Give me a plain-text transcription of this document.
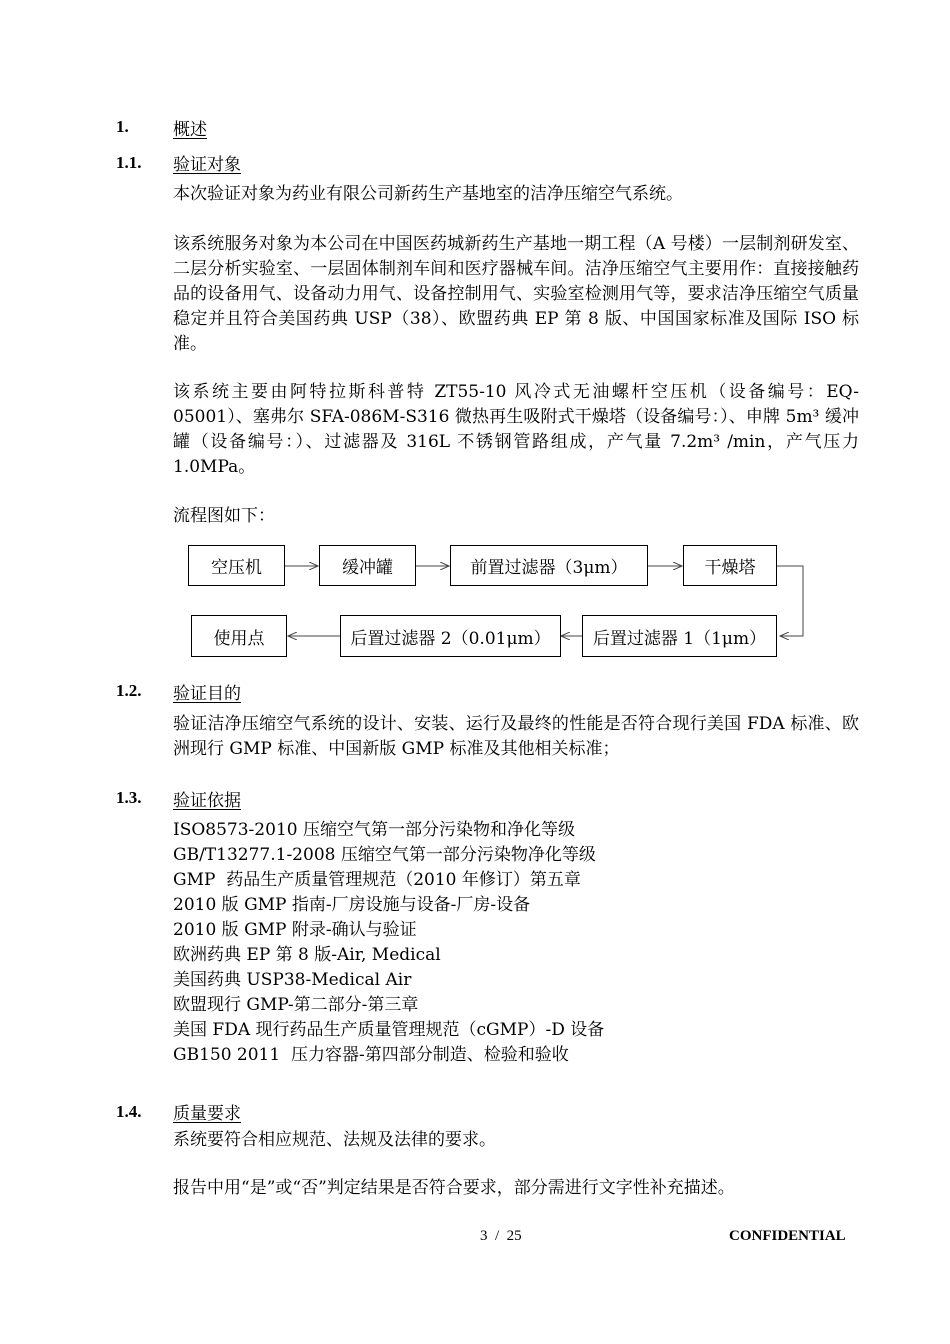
1.	概述
1.1. 验证对象
本次验证对象为药业有限公司新药生产基地室的洁净压缩空气系统。
该系统服务对象为本公司在中国医药城新药生产基地一期工程（A 号楼）一层制剂研发室、二层分析实验室、一层固体制剂车间和医疗器械车间。洁净压缩空气主要用作：直接接触药品的设备用气、设备动力用气、设备控制用气、实验室检测用气等，要求洁净压缩空气质量稳定并且符合美国药典 USP（38）、欧盟药典 EP 第 8 版、中国国家标准及国际 ISO 标准。
该系统主要由阿特拉斯科普特 ZT55-10 风冷式无油螺杆空压机（设备编号：EQ-05001）、塞弗尔 SFA-086M-S316 微热再生吸附式干燥塔（设备编号：）、申牌 5m³ 缓冲罐（设备编号：）、过滤器及 316L 不锈钢管路组成，产气量 7.2m³ /min，产气压力 1.0MPa。
流程图如下：
空压机	缓冲罐	前置过滤器（3μm）	干燥塔
后置过滤器 1（1μm）
后置过滤器 2（0.01μm）
使用点
1.2. 验证目的
验证洁净压缩空气系统的设计、安装、运行及最终的性能是否符合现行美国 FDA 标准、欧洲现行 GMP 标准、中国新版 GMP 标准及其他相关标准；
1.3. 验证依据
ISO8573-2010 压缩空气第一部分污染物和净化等级
GB/T13277.1-2008 压缩空气第一部分污染物净化等级
GMP  药品生产质量管理规范（2010 年修订）第五章
2010 版 GMP 指南-厂房设施与设备-厂房-设备
2010 版 GMP 附录-确认与验证
欧洲药典 EP 第 8 版-Air, Medical
美国药典 USP38-Medical Air
欧盟现行 GMP-第二部分-第三章
美国 FDA 现行药品生产质量管理规范（cGMP）-D 设备
GB150 2011  压力容器-第四部分制造、检验和验收
1.4. 质量要求
系统要符合相应规范、法规及法律的要求。
报告中用“是”或“否”判定结果是否符合要求，部分需进行文字性补充描述。
3  /  25	CONFIDENTIAL
